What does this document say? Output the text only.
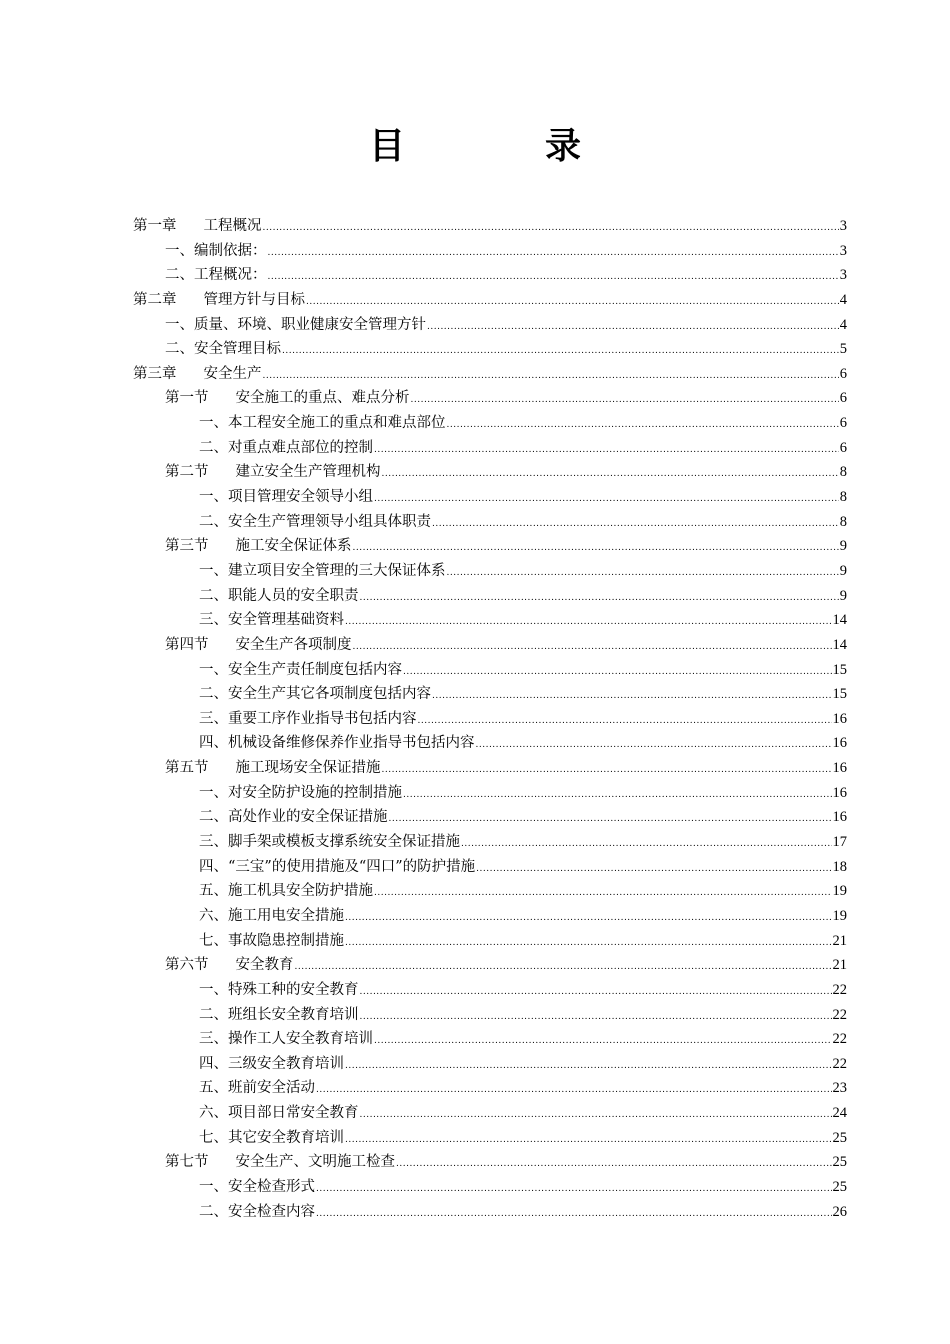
目　录
第一章 工程概况 .....	3
一、编制依据： .....	3
二、工程概况： .....	3
第二章 管理方针与目标 .....	4
一、质量、环境、职业健康安全管理方针 .....	4
二、安全管理目标 .....	5
第三章 安全生产 .....	6
第一节 安全施工的重点、难点分析 .....	6
一、本工程安全施工的重点和难点部位 .....	6
二、对重点难点部位的控制 .....	6
第二节 建立安全生产管理机构 .....	8
一、项目管理安全领导小组 .....	8
二、安全生产管理领导小组具体职责 .....	8
第三节 施工安全保证体系 .....	9
一、建立项目安全管理的三大保证体系 .....	9
二、职能人员的安全职责 .....	9
三、安全管理基础资料 .....	14
第四节 安全生产各项制度 .....	14
一、安全生产责任制度包括内容 .....	15
二、安全生产其它各项制度包括内容 .....	15
三、重要工序作业指导书包括内容 .....	16
四、机械设备维修保养作业指导书包括内容 .....	16
第五节 施工现场安全保证措施 .....	16
一、对安全防护设施的控制措施 .....	16
二、高处作业的安全保证措施 .....	16
三、脚手架或模板支撑系统安全保证措施 .....	17
四、“三宝”的使用措施及“四口”的防护措施 .....	18
五、施工机具安全防护措施 .....	19
六、施工用电安全措施 .....	19
七、事故隐患控制措施 .....	21
第六节 安全教育 .....	21
一、特殊工种的安全教育 .....	22
二、班组长安全教育培训 .....	22
三、操作工人安全教育培训 .....	22
四、三级安全教育培训 .....	22
五、班前安全活动 .....	23
六、项目部日常安全教育 .....	24
七、其它安全教育培训 .....	25
第七节 安全生产、文明施工检查 .....	25
一、安全检查形式 .....	25
二、安全检查内容 .....	26
